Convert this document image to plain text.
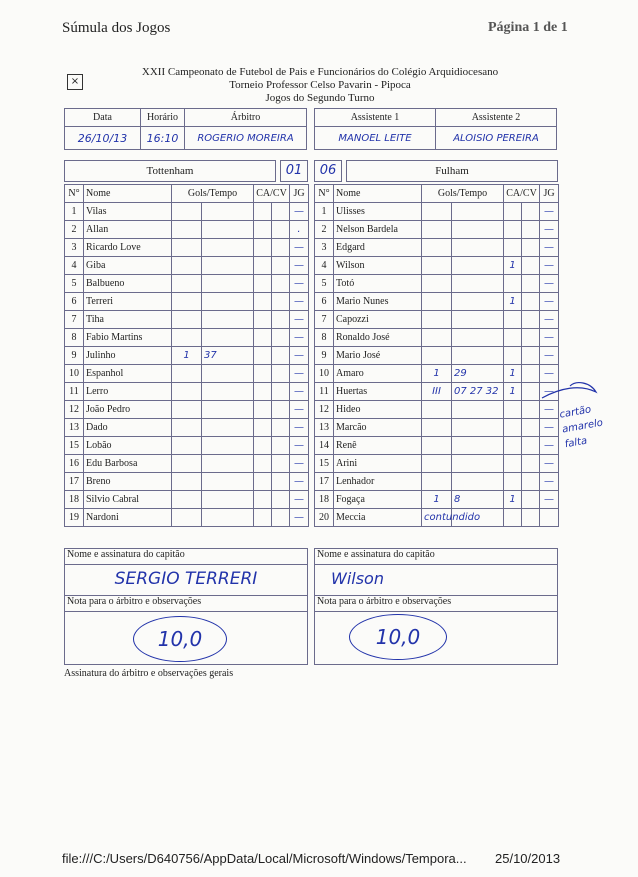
Súmula dos Jogos	Página 1 de 1
×
XXII Campeonato de Futebol de Pais e Funcionários do Colégio Arquidiocesano
Torneio Professor Celso Pavarin - Pipoca
Jogos do Segundo Turno
Data	Horário	Árbitro
26/10/13	16:10	ROGERIO MOREIRA
Assistente 1	Assistente 2
MANOEL LEITE	ALOISIO PEREIRA
Tottenham	01	06	Fulham
N°	Nome	Gols/Tempo		CA/CV		JG
1	Vilas					—
2	Allan					.
3	Ricardo Love					—
4	Giba					—
5	Balbueno					—
6	Terreri					—
7	Tiha					—
8	Fabio Martins					—
9	Julinho	1	37			—
10	Espanhol					—
11	Lerro					—
12	João Pedro					—
13	Dado					—
15	Lobão					—
16	Edu Barbosa					—
17	Breno					—
18	Silvio Cabral					—
19	Nardoni					—
N°	Nome	Gols/Tempo		CA/CV		JG
1	Ulisses					—
2	Nelson Bardela					—
3	Edgard					—
4	Wilson			1		—
5	Totó					—
6	Mario Nunes			1		—
7	Capozzi					—
8	Ronaldo José					—
9	Mario José					—
10	Amaro	1	29	1		—
11	Huertas	III	07 27 32	1		—
12	Hideo					—
13	Marcão					—
14	Renê					—
15	Arini					—
17	Lenhador					—
18	Fogaça	1	8	1		—
20	Meccia	contundido				
cartão
amarelo
falta
Nome e assinatura do capitão
SERGIO TERRERI
Nome e assinatura do capitão
Wilson
Nota para o árbitro e observações
10,0
Nota para o árbitro e observações
10,0
Assinatura do árbitro e observações gerais
file:///C:/Users/D640756/AppData/Local/Microsoft/Windows/Tempora... 25/10/2013
